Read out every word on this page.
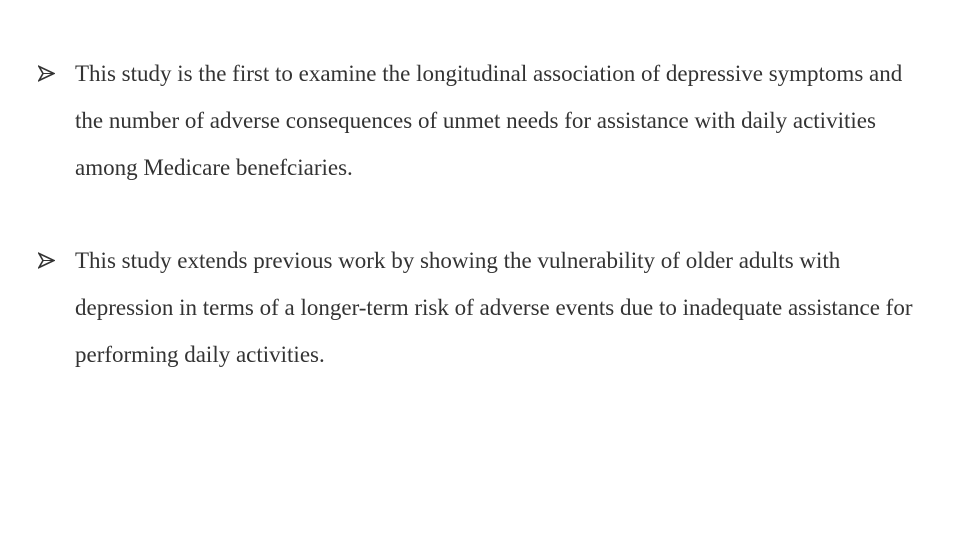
This study is the first to examine the longitudinal association of depressive symptoms and the number of adverse consequences of unmet needs for assistance with daily activities among Medicare benefciaries.
This study extends previous work by showing the vulnerability of older adults with depression in terms of a longer-term risk of adverse events due to inadequate assistance for performing daily activities.
